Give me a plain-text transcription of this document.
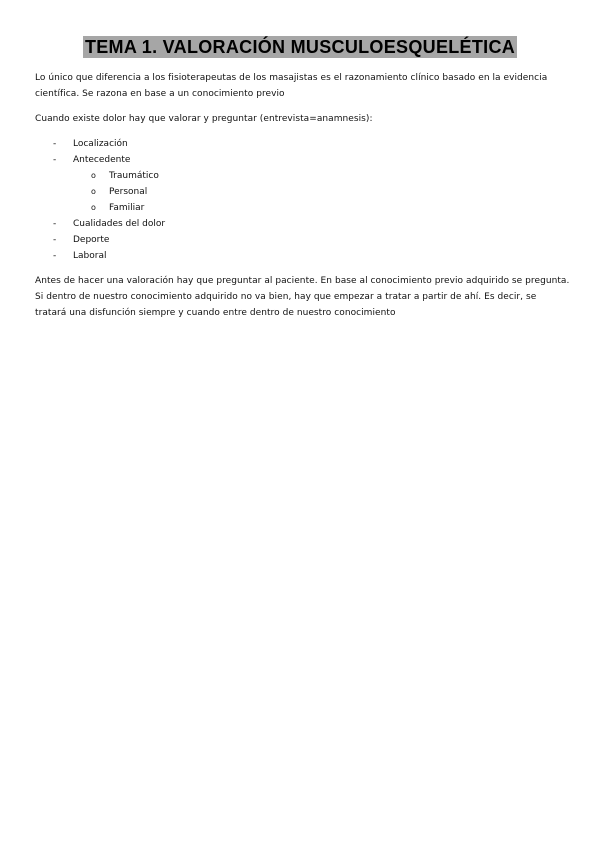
TEMA 1. VALORACIÓN MUSCULOESQUELÉTICA

Lo único que diferencia a los fisioterapeutas de los masajistas es el razonamiento clínico basado en la evidencia científica. Se razona en base a un conocimiento previo

Cuando existe dolor hay que valorar y preguntar (entrevista=anamnesis):

-	Localización
-	Antecedente
o Traumático
o Personal
o Familiar
-	Cualidades del dolor
-	Deporte
-	Laboral

Antes de hacer una valoración hay que preguntar al paciente. En base al conocimiento previo adquirido se pregunta. Si dentro de nuestro conocimiento adquirido no va bien, hay que empezar a tratar a partir de ahí. Es decir, se tratará una disfunción siempre y cuando entre dentro de nuestro conocimiento
